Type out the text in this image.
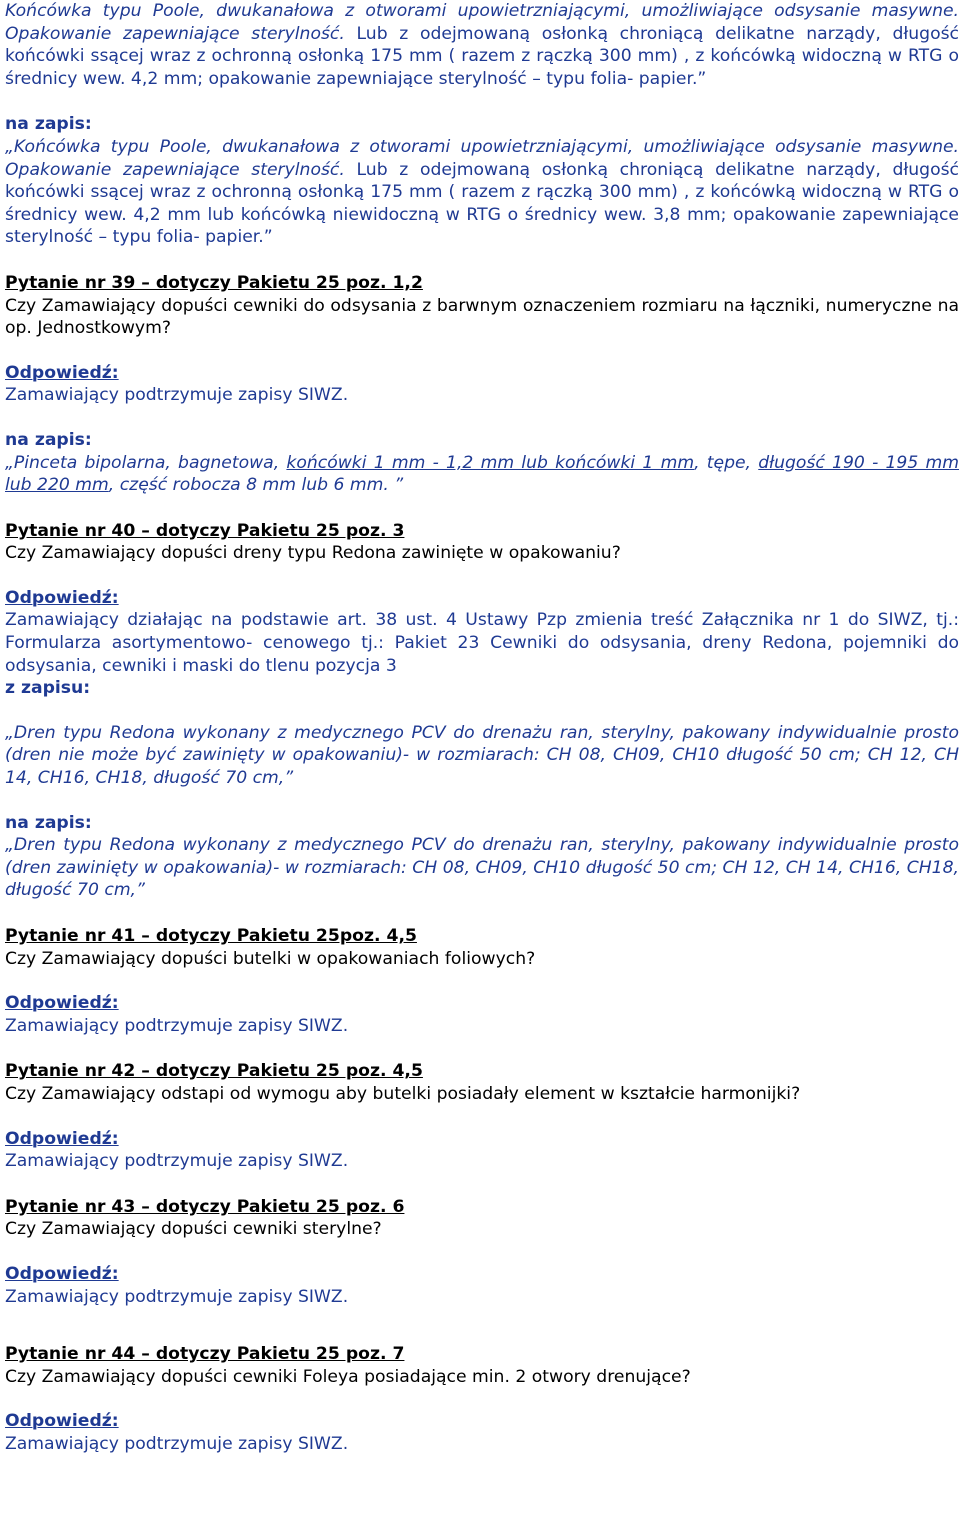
Końcówka typu Poole, dwukanałowa z otworami upowietrzniającymi, umożliwiające odsysanie masywne. Opakowanie zapewniające sterylność. Lub z odejmowaną osłonką chroniącą delikatne narządy, długość końcówki ssącej wraz z ochronną osłonką 175 mm ( razem z rączką 300 mm) , z końcówką widoczną w RTG o średnicy wew. 4,2 mm; opakowanie zapewniające sterylność – typu folia- papier.”

na zapis:

„Końcówka typu Poole, dwukanałowa z otworami upowietrzniającymi, umożliwiające odsysanie masywne. Opakowanie zapewniające sterylność. Lub z odejmowaną osłonką chroniącą delikatne narządy, długość końcówki ssącej wraz z ochronną osłonką 175 mm ( razem z rączką 300 mm) , z końcówką widoczną w RTG o średnicy wew. 4,2 mm lub końcówką niewidoczną w RTG o średnicy wew. 3,8 mm; opakowanie zapewniające sterylność – typu folia- papier.”

Pytanie nr 39 – dotyczy Pakietu 25 poz. 1,2

Czy Zamawiający dopuści cewniki do odsysania z barwnym oznaczeniem rozmiaru na łączniki, numeryczne na op. Jednostkowym?

Odpowiedź:

Zamawiający podtrzymuje zapisy SIWZ.

na zapis:

„Pinceta bipolarna, bagnetowa, końcówki 1 mm - 1,2 mm lub końcówki 1 mm, tępe, długość 190 - 195 mm lub 220 mm, część robocza 8 mm lub 6 mm. ”

Pytanie nr 40 – dotyczy Pakietu 25 poz. 3

Czy Zamawiający dopuści dreny typu Redona zawinięte w opakowaniu?

Odpowiedź:

Zamawiający działając na podstawie art. 38 ust. 4 Ustawy Pzp zmienia treść Załącznika nr 1 do SIWZ, tj.: Formularza asortymentowo- cenowego tj.: Pakiet 23 Cewniki do odsysania, dreny Redona, pojemniki do odsysania, cewniki i maski do tlenu pozycja 3

z zapisu:

„Dren typu Redona wykonany z medycznego PCV do drenażu ran, sterylny, pakowany indywidualnie prosto (dren nie może być zawinięty w opakowaniu)- w rozmiarach: CH 08, CH09, CH10 długość 50 cm; CH 12, CH 14, CH16, CH18, długość 70 cm,”

na zapis:

„Dren typu Redona wykonany z medycznego PCV do drenażu ran, sterylny, pakowany indywidualnie prosto (dren zawinięty w opakowania)- w rozmiarach: CH 08, CH09, CH10 długość 50 cm; CH 12, CH 14, CH16, CH18, długość 70 cm,”

Pytanie nr 41 – dotyczy Pakietu 25poz. 4,5

Czy Zamawiający dopuści butelki w opakowaniach foliowych?

Odpowiedź:

Zamawiający podtrzymuje zapisy SIWZ.

Pytanie nr 42 – dotyczy Pakietu 25 poz. 4,5

Czy Zamawiający odstapi od wymogu aby butelki posiadały element w kształcie harmonijki?

Odpowiedź:

Zamawiający podtrzymuje zapisy SIWZ.

Pytanie nr 43 – dotyczy Pakietu 25 poz. 6

Czy Zamawiający dopuści cewniki sterylne?

Odpowiedź:

Zamawiający podtrzymuje zapisy SIWZ.

Pytanie nr 44 – dotyczy Pakietu 25 poz. 7

Czy Zamawiający dopuści cewniki Foleya posiadające min. 2 otwory drenujące?

Odpowiedź:

Zamawiający podtrzymuje zapisy SIWZ.
